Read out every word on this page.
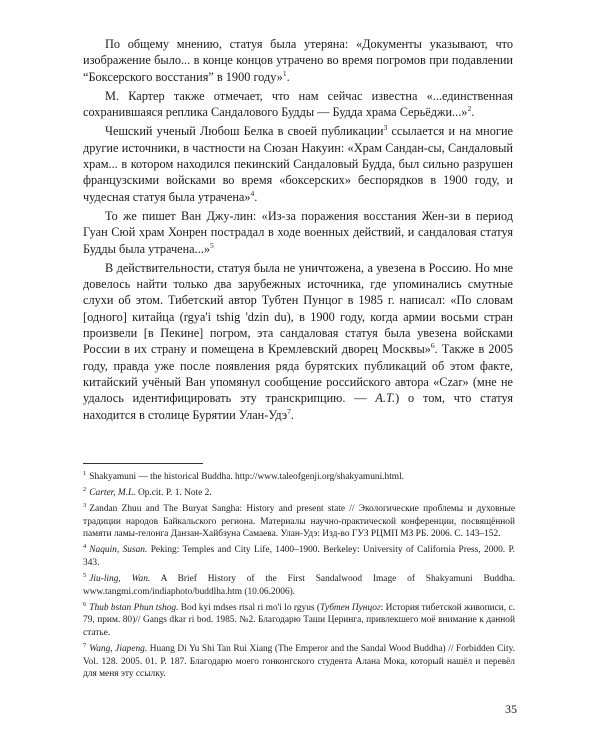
По общему мнению, статуя была утеряна: «Документы указывают, что изображение было... в конце концов утрачено во время погромов при подавлении “Боксерского восстания” в 1900 году»$^1$.

М. Картер также отмечает, что нам сейчас известна «...единственная сохранившаяся реплика Сандалового Будды — Будда храма Серьёджи...»$^2$.

Чешский ученый Любош Белка в своей публикации$^3$ ссылается и на многие другие источники, в частности на Сюзан Накуин: «Храм Сандан-сы, Сандаловый храм... в котором находился пекинский Сандаловый Будда, был сильно разрушен французскими войсками во время «боксерских» беспорядков в 1900 году, и чудесная статуя была утрачена»$^4$.

То же пишет Ван Джу-лин: «Из-за поражения восстания Жен-зи в период Гуан Сюй храм Хонрен пострадал в ходе военных действий, и сандаловая статуя Будды была утрачена...»$^5$

В действительности, статуя была не уничтожена, а увезена в Россию. Но мне довелось найти только два зарубежных источника, где упоминались смутные слухи об этом. Тибетский автор Тубтен Пунцог в 1985 г. написал: «По словам [одного] китайца (rgya'i tshig 'dzin du), в 1900 году, когда армии восьми стран произвели [в Пекине] погром, эта сандаловая статуя была увезена войсками России в их страну и помещена в Кремлевский дворец Москвы»$^6$. Также в 2005 году, правда уже после появления ряда бурятских публикаций об этом факте, китайский учёный Ван упомянул сообщение российского автора «Czar» (мне не удалось идентифицировать эту транскрипцию. — А.Т.) о том, что статуя находится в столице Бурятии Улан-Удэ$^7$.

$^1$ Shakyamuni — the historical Buddha. http://www.taleofgenji.org/shakyamuni.html.
$^2$ Carter, M.L. Op.cit. P. 1. Note 2.
$^3$ Zandan Zhuu and The Buryat Sangha: History and present state // Экологические проблемы и духовные традиции народов Байкальского региона. Материалы научно-практической конференции, посвящённой памяти ламы-гелонга Данзан-Хайбзуна Самаева. Улан-Удэ: Изд-во ГУЗ РЦМП МЗ РБ. 2006. С. 143–152.
$^4$ Naquin, Susan. Peking: Temples and City Life, 1400–1900. Berkeley: University of California Press, 2000. P. 343.
$^5$ Jiu-ling, Wan. A Brief History of the First Sandalwood Image of Shakyamuni Buddha. www.tangmi.com/indiaphoto/buddlha.htm (10.06.2006).
$^6$ Thub bstan Phun tshog. Bod kyi mdses rtsal ri mo'i lo rgyus (Тубтен Пунцог: История тибетской живописи, с. 79, прим. 80)// Gangs dkar ri bod. 1985. №2. Благодарю Таши Церинга, привлекшего моё внимание к данной статье.
$^7$ Wang, Jiapeng. Huang Di Yu Shi Tan Rui Xiang (The Emperor and the Sandal Wood Buddha) // Forbidden City. Vol. 128. 2005. 01. P. 187. Благодарю моего гонконгского студента Алана Мока, который нашёл и перевёл для меня эту ссылку.
35
